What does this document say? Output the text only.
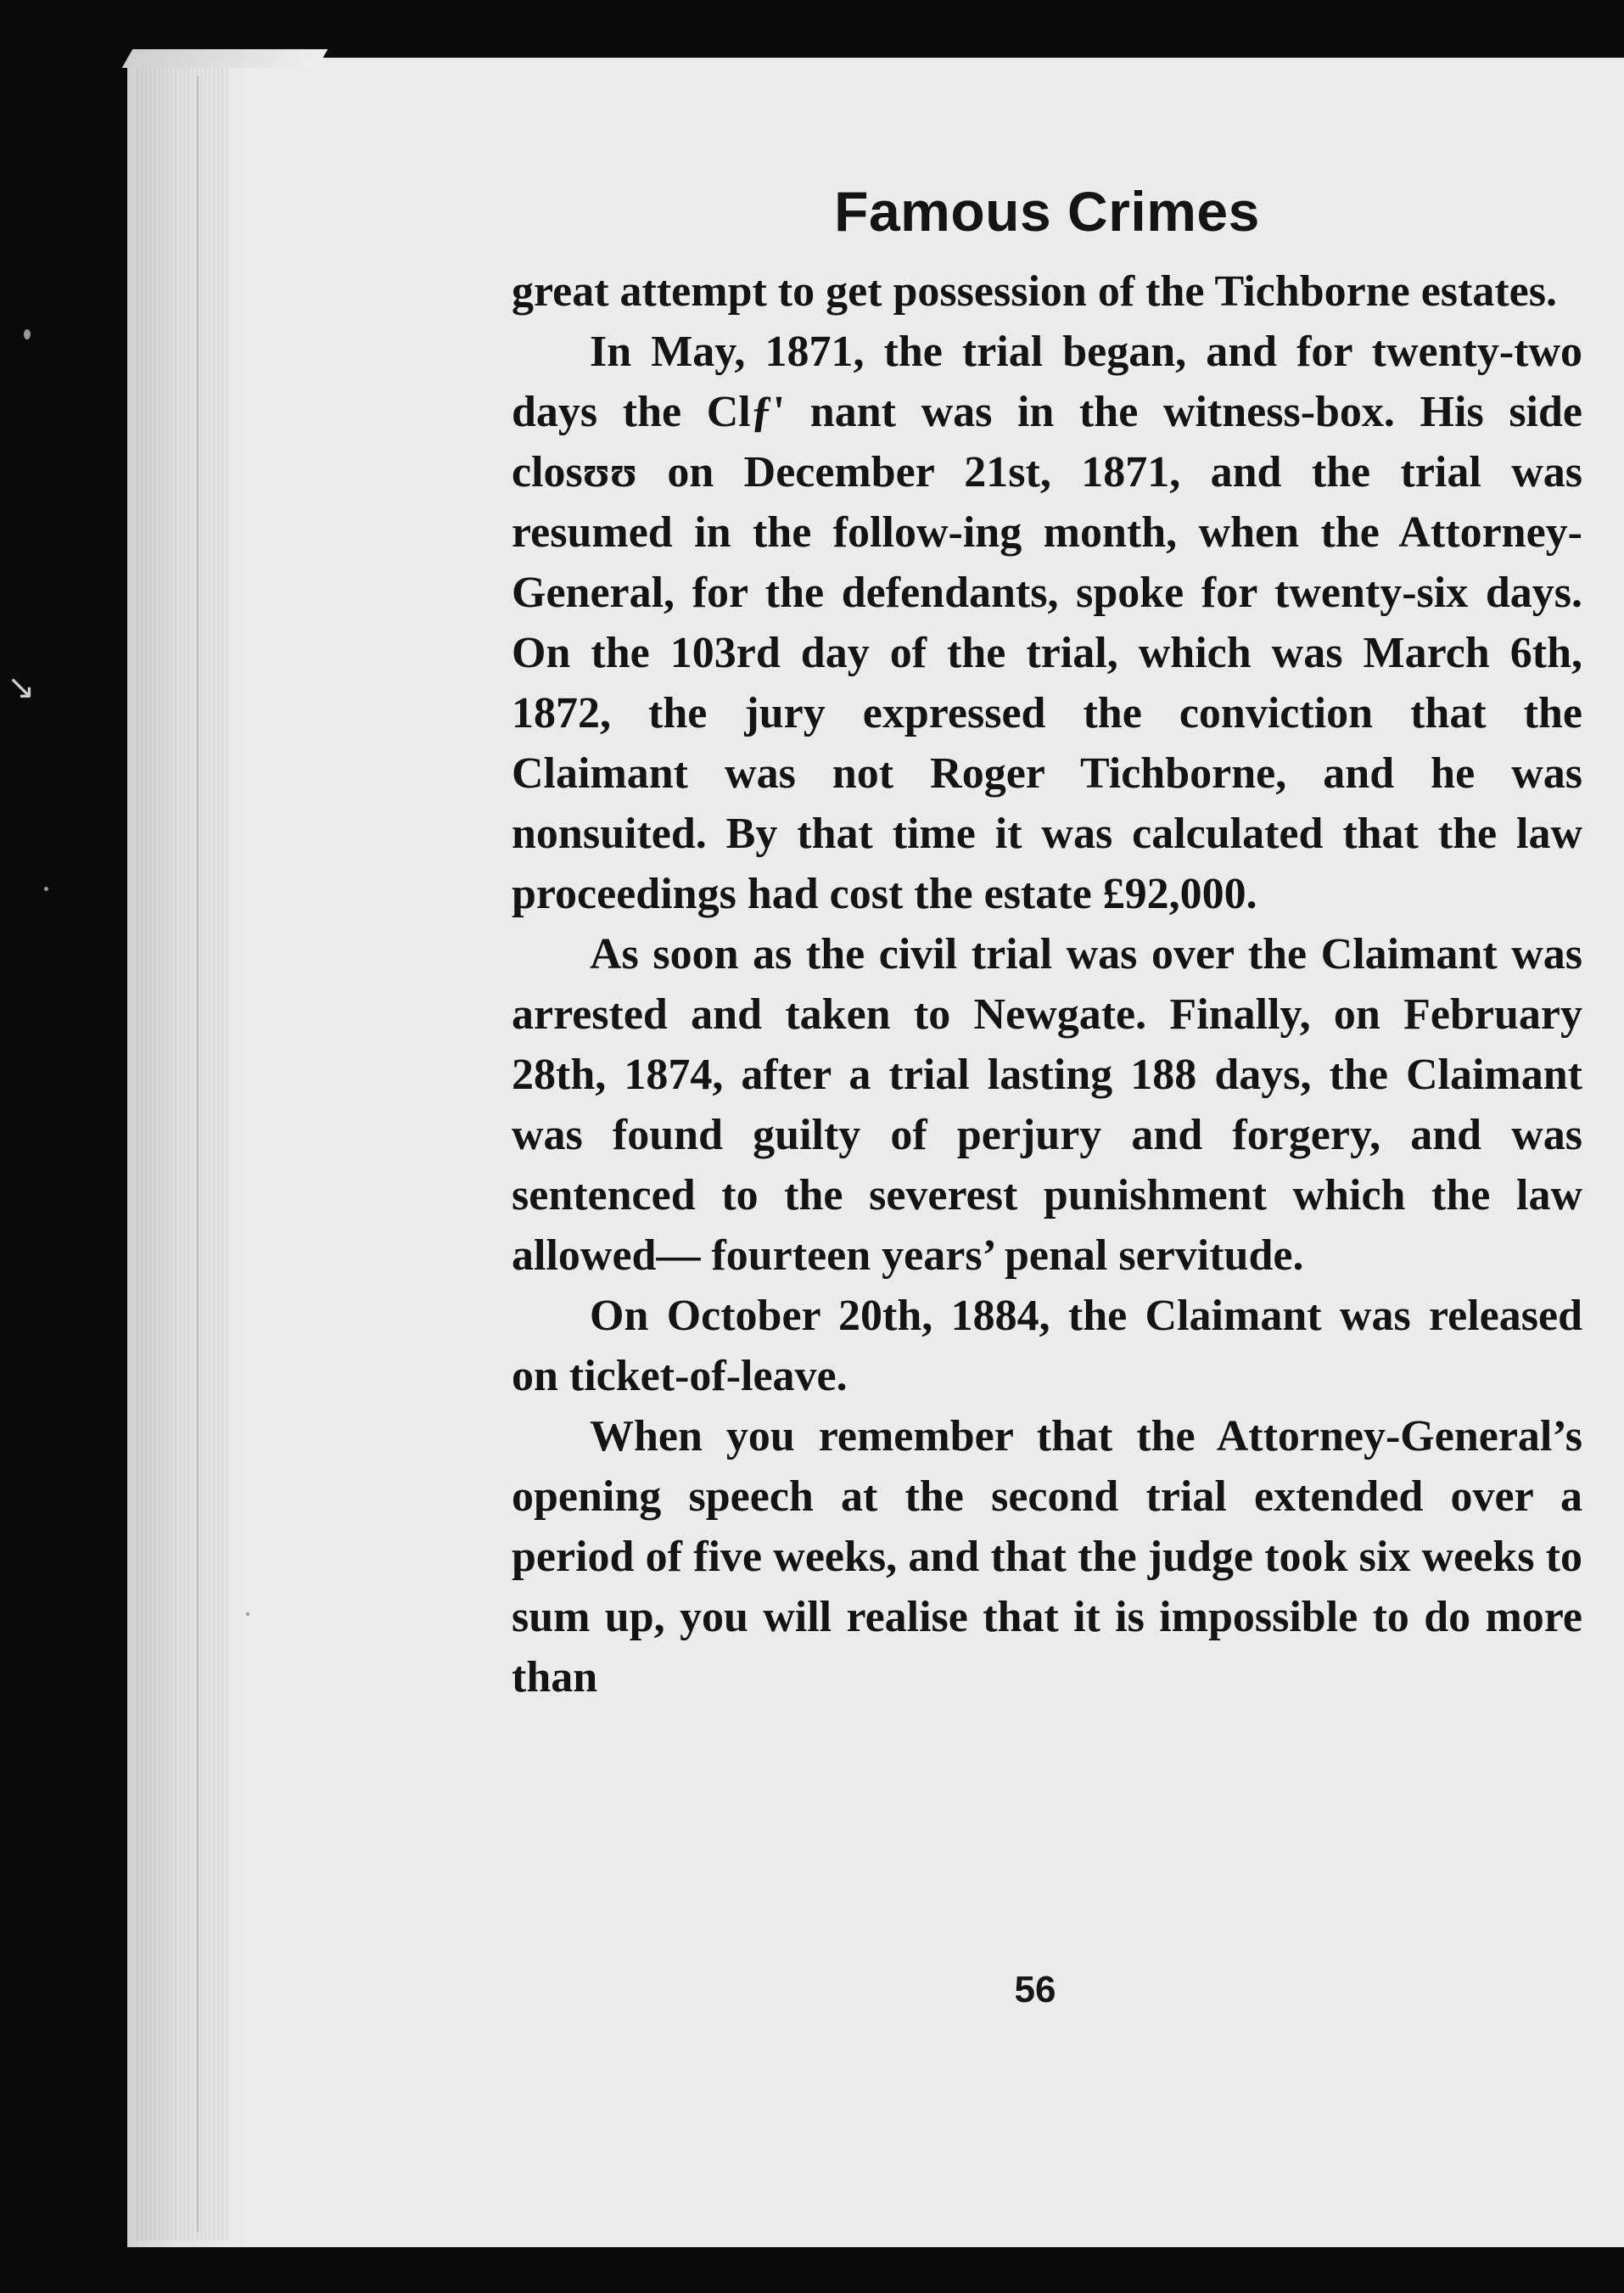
↘
Famous Crimes

great attempt to get possession of the Tichborne estates.

In May, 1871, the trial began, and for twenty-two days the Clƒ' nant was in the witness-box. His side closʊʊ on December 21st, 1871, and the trial was resumed in the follow-ing month, when the Attorney-General, for the defendants, spoke for twenty-six days. On the 103rd day of the trial, which was March 6th, 1872, the jury expressed the conviction that the Claimant was not Roger Tichborne, and he was nonsuited. By that time it was calculated that the law proceedings had cost the estate £92,000.

As soon as the civil trial was over the Claimant was arrested and taken to Newgate. Finally, on February 28th, 1874, after a trial lasting 188 days, the Claimant was found guilty of perjury and forgery, and was sentenced to the severest punishment which the law allowed— fourteen years’ penal servitude.

On October 20th, 1884, the Claimant was released on ticket-of-leave.

When you remember that the Attorney-General’s opening speech at the second trial extended over a period of five weeks, and that the judge took six weeks to sum up, you will realise that it is impossible to do more than

56
